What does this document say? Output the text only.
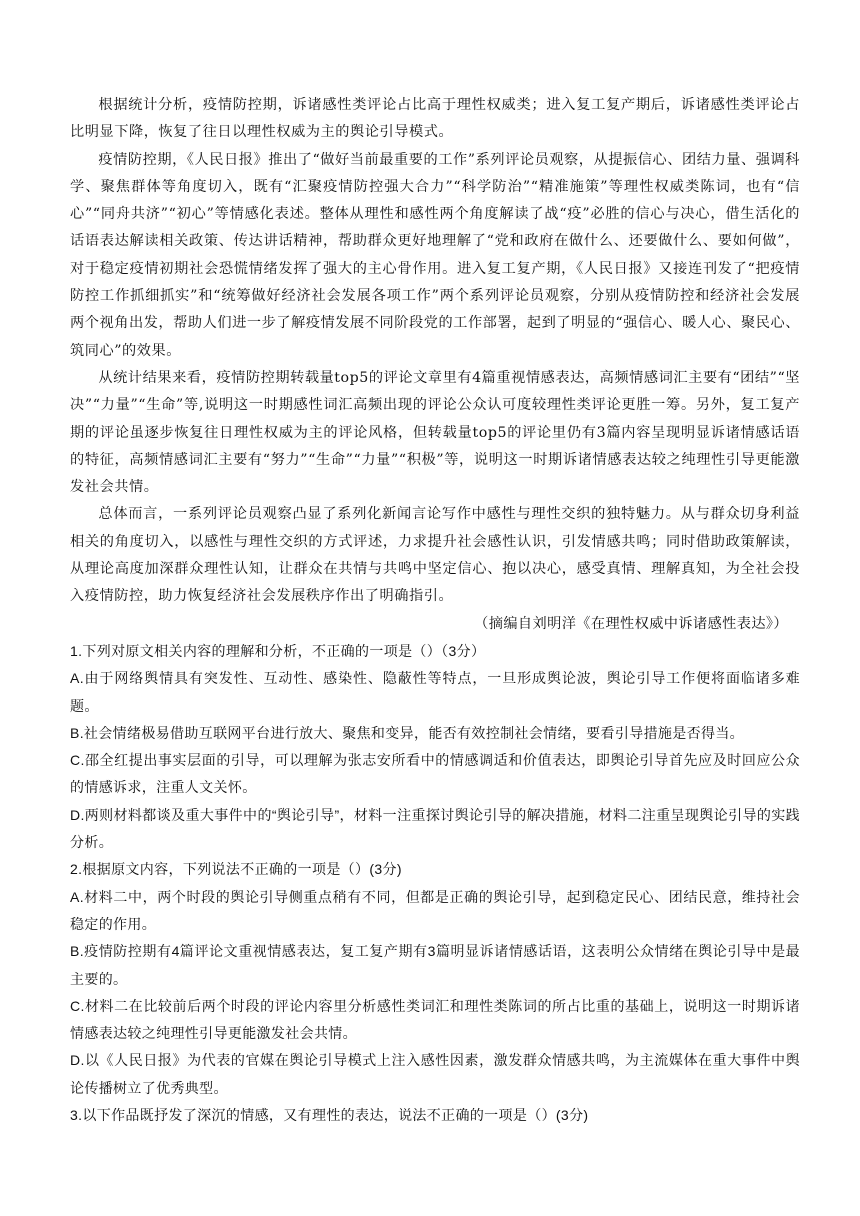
根据统计分析，疫情防控期，诉诸感性类评论占比高于理性权威类；进入复工复产期后，诉诸感性类评论占比明显下降，恢复了往日以理性权威为主的舆论引导模式。

疫情防控期，《人民日报》推出了“做好当前最重要的工作”系列评论员观察，从提振信心、团结力量、强调科学、聚焦群体等角度切入，既有“汇聚疫情防控强大合力”“科学防治”“精准施策”等理性权威类陈词，也有“信心”“同舟共济”“初心”等情感化表述。整体从理性和感性两个角度解读了战“疫”必胜的信心与决心，借生活化的话语表达解读相关政策、传达讲话精神，帮助群众更好地理解了“党和政府在做什么、还要做什么、要如何做”，对于稳定疫情初期社会恐慌情绪发挥了强大的主心骨作用。进入复工复产期，《人民日报》又接连刊发了“把疫情防控工作抓细抓实”和“统筹做好经济社会发展各项工作”两个系列评论员观察，分别从疫情防控和经济社会发展两个视角出发，帮助人们进一步了解疫情发展不同阶段党的工作部署，起到了明显的“强信心、暖人心、聚民心、筑同心”的效果。

从统计结果来看，疫情防控期转载量top5的评论文章里有4篇重视情感表达，高频情感词汇主要有“团结”“坚决”“力量”“生命”等,说明这一时期感性词汇高频出现的评论公众认可度较理性类评论更胜一筹。另外，复工复产期的评论虽逐步恢复往日理性权威为主的评论风格，但转载量top5的评论里仍有3篇内容呈现明显诉诸情感话语的特征，高频情感词汇主要有“努力”“生命”“力量”“积极”等，说明这一时期诉诸情感表达较之纯理性引导更能激发社会共情。

总体而言，一系列评论员观察凸显了系列化新闻言论写作中感性与理性交织的独特魅力。从与群众切身利益相关的角度切入，以感性与理性交织的方式评述，力求提升社会感性认识，引发情感共鸣；同时借助政策解读，从理论高度加深群众理性认知，让群众在共情与共鸣中坚定信心、抱以决心，感受真情、理解真知，为全社会投入疫情防控，助力恢复经济社会发展秩序作出了明确指引。

（摘编自刘明洋《在理性权威中诉诸感性表达》）

1.下列对原文相关内容的理解和分析，不正确的一项是（）（3分）

A.由于网络舆情具有突发性、互动性、感染性、隐蔽性等特点，一旦形成舆论波，舆论引导工作便将面临诸多难题。

B.社会情绪极易借助互联网平台进行放大、聚焦和变异，能否有效控制社会情绪，要看引导措施是否得当。

C.邵全红提出事实层面的引导，可以理解为张志安所看中的情感调适和价值表达，即舆论引导首先应及时回应公众的情感诉求，注重人文关怀。

D.两则材料都谈及重大事件中的“舆论引导”，材料一注重探讨舆论引导的解决措施，材料二注重呈现舆论引导的实践分析。

2.根据原文内容，下列说法不正确的一项是（）(3分)

A.材料二中，两个时段的舆论引导侧重点稍有不同，但都是正确的舆论引导，起到稳定民心、团结民意，维持社会稳定的作用。

B.疫情防控期有4篇评论文重视情感表达，复工复产期有3篇明显诉诸情感话语，这表明公众情绪在舆论引导中是最主要的。

C.材料二在比较前后两个时段的评论内容里分析感性类词汇和理性类陈词的所占比重的基础上，说明这一时期诉诸情感表达较之纯理性引导更能激发社会共情。

D.以《人民日报》为代表的官媒在舆论引导模式上注入感性因素，激发群众情感共鸣，为主流媒体在重大事件中舆论传播树立了优秀典型。

3.以下作品既抒发了深沉的情感，又有理性的表达，说法不正确的一项是（）(3分)
